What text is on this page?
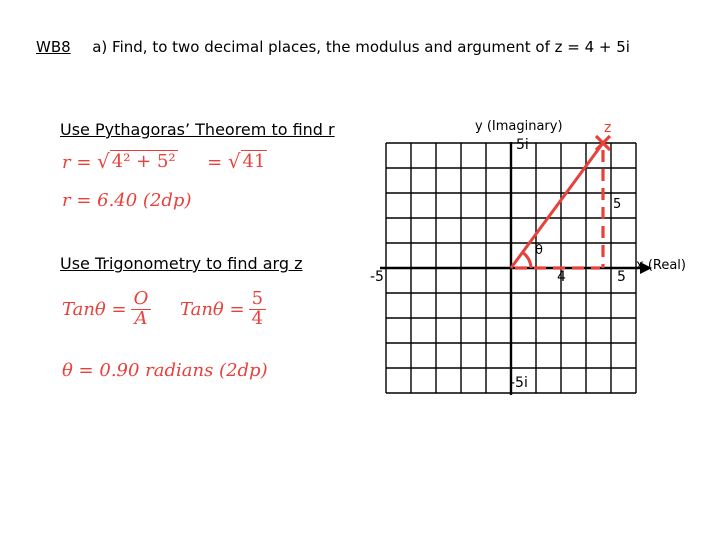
WB8 a) Find, to two decimal places, the modulus and argument of z = 4 + 5i
Use Pythagoras’ Theorem to find r
r = √ 4² + 5² = √ 41
r = 6.40 (2dp)
Use Trigonometry to find arg z
$Tan\theta = \frac{O}{A}$ $Tan\theta = \frac{5}{4}$
θ = 0.90 radians (2dp)
y (Imaginary)
5i
z
5
θ
-5	4	5
x (Real)
-5i
